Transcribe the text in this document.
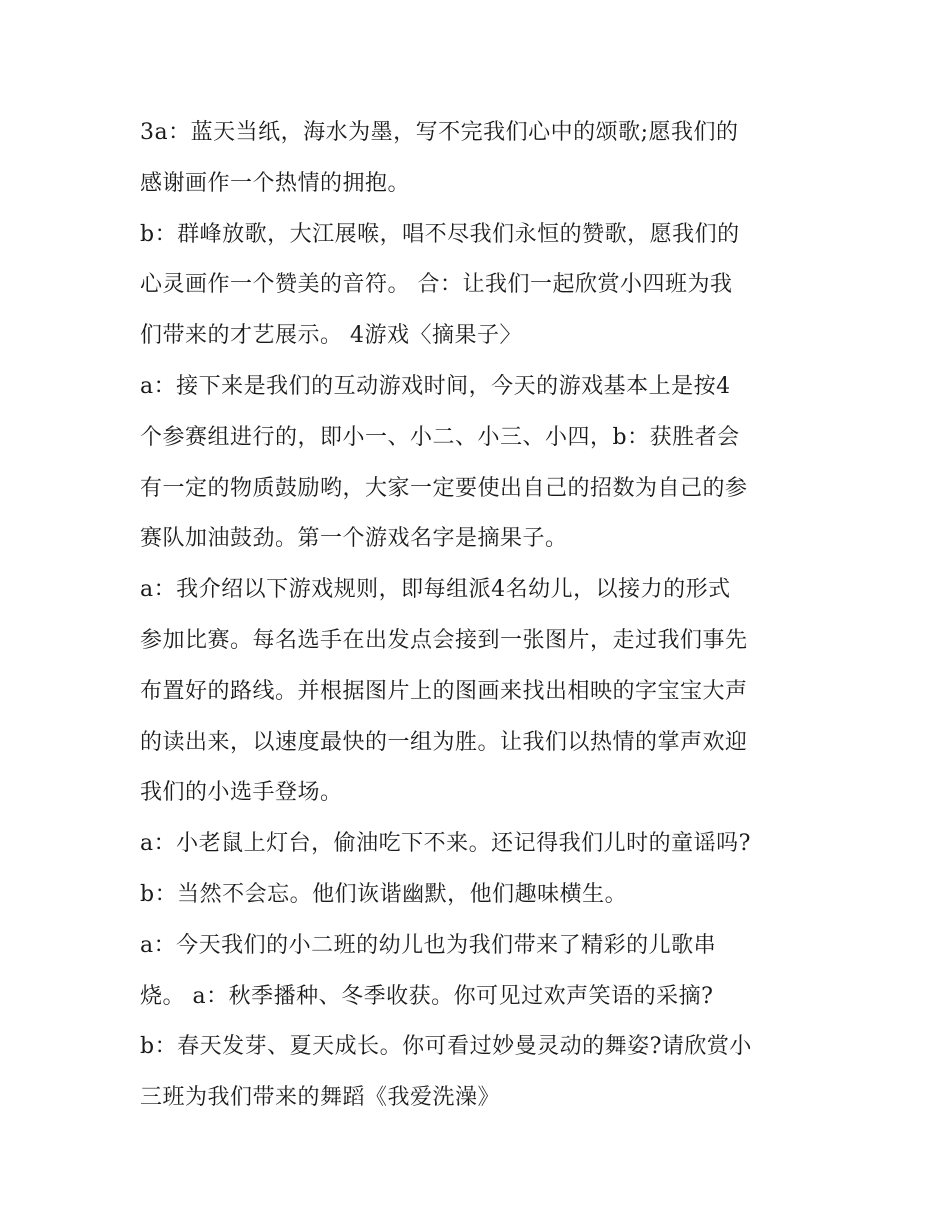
3a：蓝天当纸，海水为墨，写不完我们心中的颂歌;愿我们的
感谢画作一个热情的拥抱。
b：群峰放歌，大江展喉，唱不尽我们永恒的赞歌，愿我们的
心灵画作一个赞美的音符。 合：让我们一起欣赏小四班为我
们带来的才艺展示。 4游戏〈摘果子〉
a：接下来是我们的互动游戏时间，今天的游戏基本上是按4
个参赛组进行的，即小一、小二、小三、小四，b：获胜者会
有一定的物质鼓励哟，大家一定要使出自己的招数为自己的参
赛队加油鼓劲。第一个游戏名字是摘果子。
a：我介绍以下游戏规则，即每组派4名幼儿，以接力的形式
参加比赛。每名选手在出发点会接到一张图片，走过我们事先
布置好的路线。并根据图片上的图画来找出相映的字宝宝大声
的读出来，以速度最快的一组为胜。让我们以热情的掌声欢迎
我们的小选手登场。
a：小老鼠上灯台，偷油吃下不来。还记得我们儿时的童谣吗?
b：当然不会忘。他们诙谐幽默，他们趣味横生。
a：今天我们的小二班的幼儿也为我们带来了精彩的儿歌串
烧。 a：秋季播种、冬季收获。你可见过欢声笑语的采摘?
b：春天发芽、夏天成长。你可看过妙曼灵动的舞姿?请欣赏小
三班为我们带来的舞蹈《我爱洗澡》
